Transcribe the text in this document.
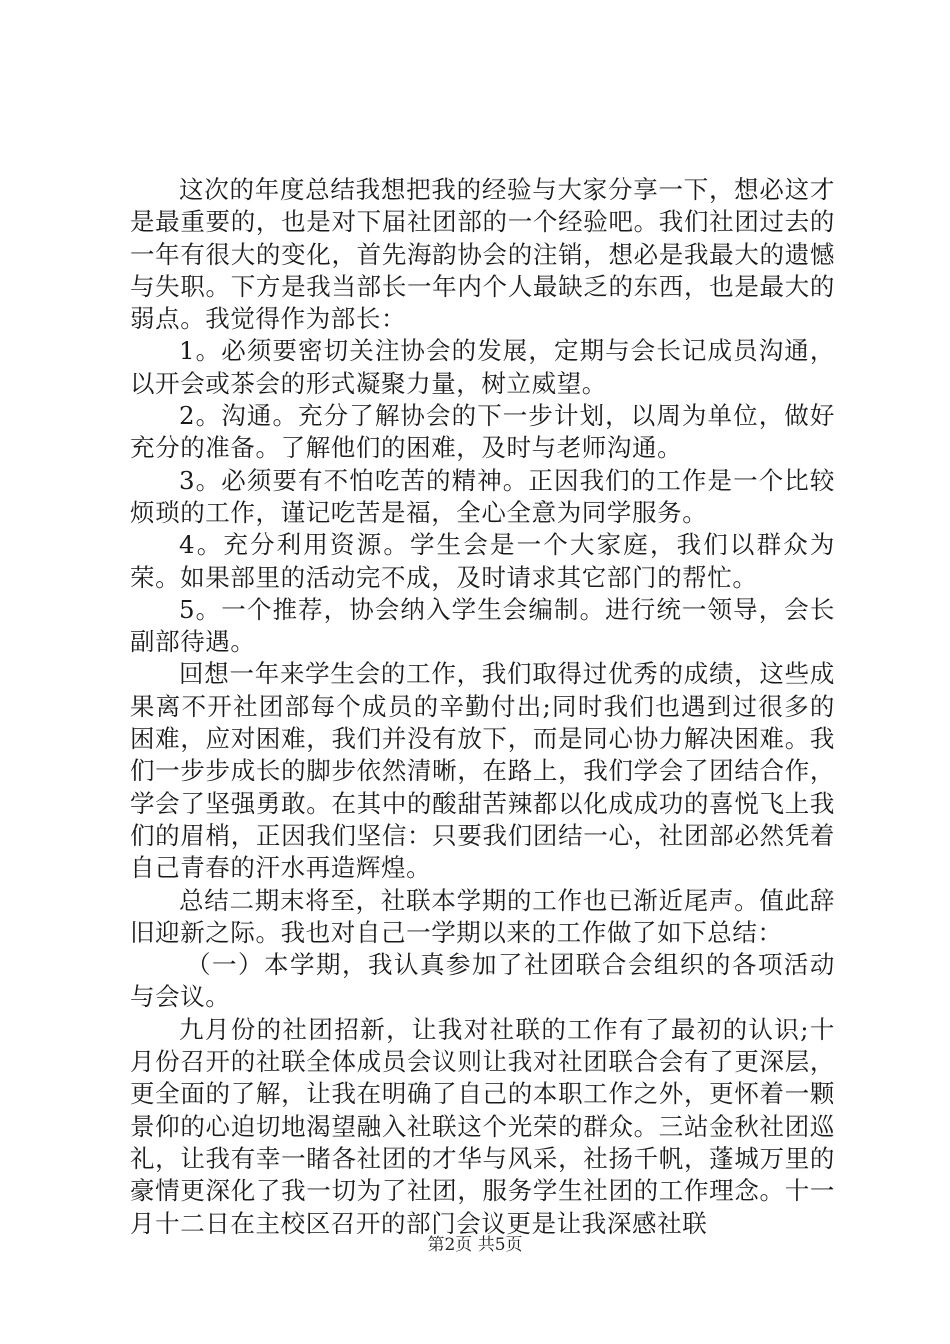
这次的年度总结我想把我的经验与大家分享一下，想必这才是最重要的，也是对下届社团部的一个经验吧。我们社团过去的一年有很大的变化，首先海韵协会的注销，想必是我最大的遗憾与失职。下方是我当部长一年内个人最缺乏的东西，也是最大的弱点。我觉得作为部长：

1。必须要密切关注协会的发展，定期与会长记成员沟通，以开会或茶会的形式凝聚力量，树立威望。

2。沟通。充分了解协会的下一步计划，以周为单位，做好充分的准备。了解他们的困难，及时与老师沟通。

3。必须要有不怕吃苦的精神。正因我们的工作是一个比较烦琐的工作，谨记吃苦是福，全心全意为同学服务。

4。充分利用资源。学生会是一个大家庭，我们以群众为荣。如果部里的活动完不成，及时请求其它部门的帮忙。

5。一个推荐，协会纳入学生会编制。进行统一领导，会长副部待遇。

回想一年来学生会的工作，我们取得过优秀的成绩，这些成果离不开社团部每个成员的辛勤付出;同时我们也遇到过很多的困难，应对困难，我们并没有放下，而是同心协力解决困难。我们一步步成长的脚步依然清晰，在路上，我们学会了团结合作，学会了坚强勇敢。在其中的酸甜苦辣都以化成成功的喜悦飞上我们的眉梢，正因我们坚信：只要我们团结一心，社团部必然凭着自己青春的汗水再造辉煌。

总结二期末将至，社联本学期的工作也已渐近尾声。值此辞旧迎新之际。我也对自己一学期以来的工作做了如下总结：

（一）本学期，我认真参加了社团联合会组织的各项活动与会议。

九月份的社团招新，让我对社联的工作有了最初的认识;十月份召开的社联全体成员会议则让我对社团联合会有了更深层，更全面的了解，让我在明确了自己的本职工作之外，更怀着一颗景仰的心迫切地渴望融入社联这个光荣的群众。三站金秋社团巡礼，让我有幸一睹各社团的才华与风采，社扬千帆，蓬城万里的豪情更深化了我一切为了社团，服务学生社团的工作理念。十一月十二日在主校区召开的部门会议更是让我深感社联

第2页 共5页
